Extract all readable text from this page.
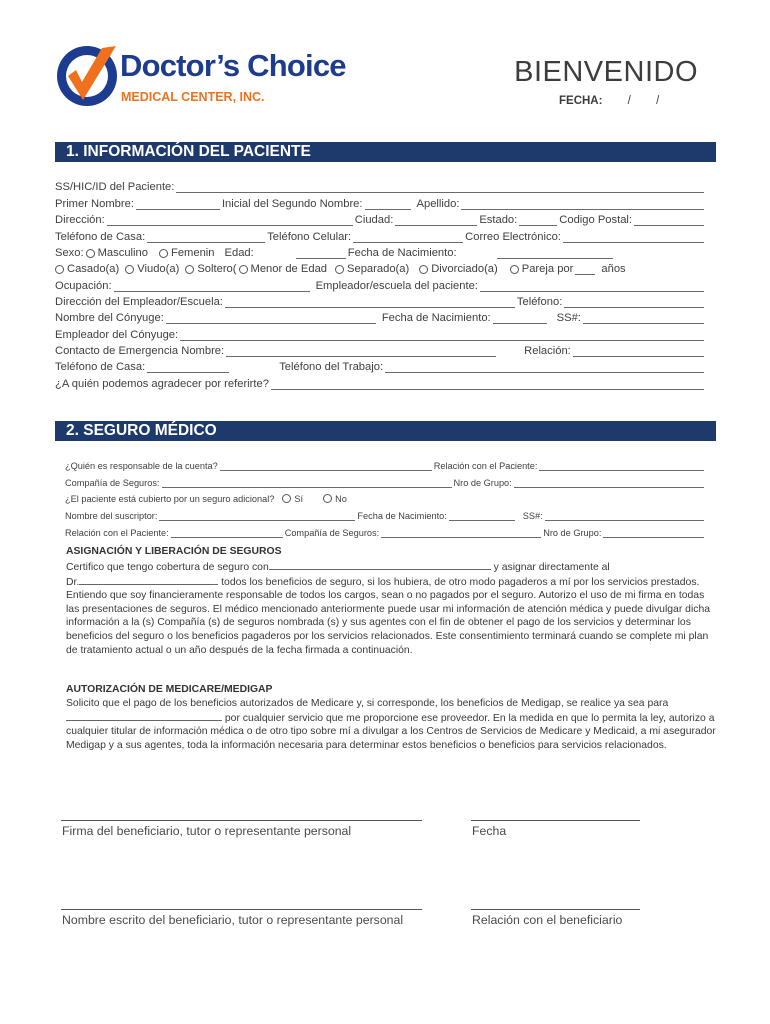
Doctor’s Choice
MEDICAL CENTER, INC.
BIENVENIDO
FECHA: / /
1. INFORMACIÓN DEL PACIENTE
SS/HIC/ID del Paciente:
Primer Nombre:	Inicial del Segundo Nombre:	Apellido:
Dirección:	Ciudad:	Estado:	Codigo Postal:
Teléfono de Casa:	Teléfono Celular:	Correo Electrónico:
Sexo: Masculino Femenin Edad:	Fecha de Nacimiento:
Casado(a) Viudo(a) Soltero( Menor de Edad Separado(a) Divorciado(a) Pareja por	años
Ocupación:	Empleador/escuela del paciente:
Dirección del Empleador/Escuela:	Teléfono:
Nombre del Cónyuge:	Fecha de Nacimiento:	SS#:
Empleador del Cónyuge:
Contacto de Emergencia Nombre:	Relación:
Teléfono de Casa:	Teléfono del Trabajo:
¿A quién podemos agradecer por referirte?
2. SEGURO MÉDICO
¿Quién es responsable de la cuenta?	Relación con el Paciente:
Compañía de Seguros:	Nro de Grupo:
¿El paciente está cubierto por un seguro adicional? Sí	No
Nombre del suscriptor:	Fecha de Nacimiento:	SS#:
Relación con el Paciente:	Compañía de Seguros:	Nro de Grupo:
ASIGNACIÓN Y LIBERACIÓN DE SEGUROS
Certifico que tengo cobertura de seguro con	y asignar directamente al
Dr.	todos los beneficios de seguro, si los hubiera, de otro modo pagaderos a mí por los servicios prestados. Entiendo que soy financieramente responsable de todos los cargos, sean o no pagados por el seguro. Autorizo el uso de mi firma en todas las presentaciones de seguros. El médico mencionado anteriormente puede usar mi información de atención médica y puede divulgar dicha información a la (s) Compañía (s) de seguros nombrada (s) y sus agentes con el fin de obtener el pago de los servicios y determinar los beneficios del seguro o los beneficios pagaderos por los servicios relacionados. Este consentimiento terminará cuando se complete mi plan de tratamiento actual o un año después de la fecha firmada a continuación.
AUTORIZACIÓN DE MEDICARE/MEDIGAP
Solicito que el pago de los beneficios autorizados de Medicare y, si corresponde, los beneficios de Medigap, se realice ya sea para  por cualquier servicio que me proporcione ese proveedor. En la medida en que lo permita la ley, autorizo a cualquier titular de información médica o de otro tipo sobre mí a divulgar a los Centros de Servicios de Medicare y Medicaid, a mi asegurador Medigap y a sus agentes, toda la información necesaria para determinar estos beneficios o beneficios para servicios relacionados.
Firma del beneficiario, tutor o representante personal	Fecha
Nombre escrito del beneficiario, tutor o representante personal	Relación con el beneficiario
